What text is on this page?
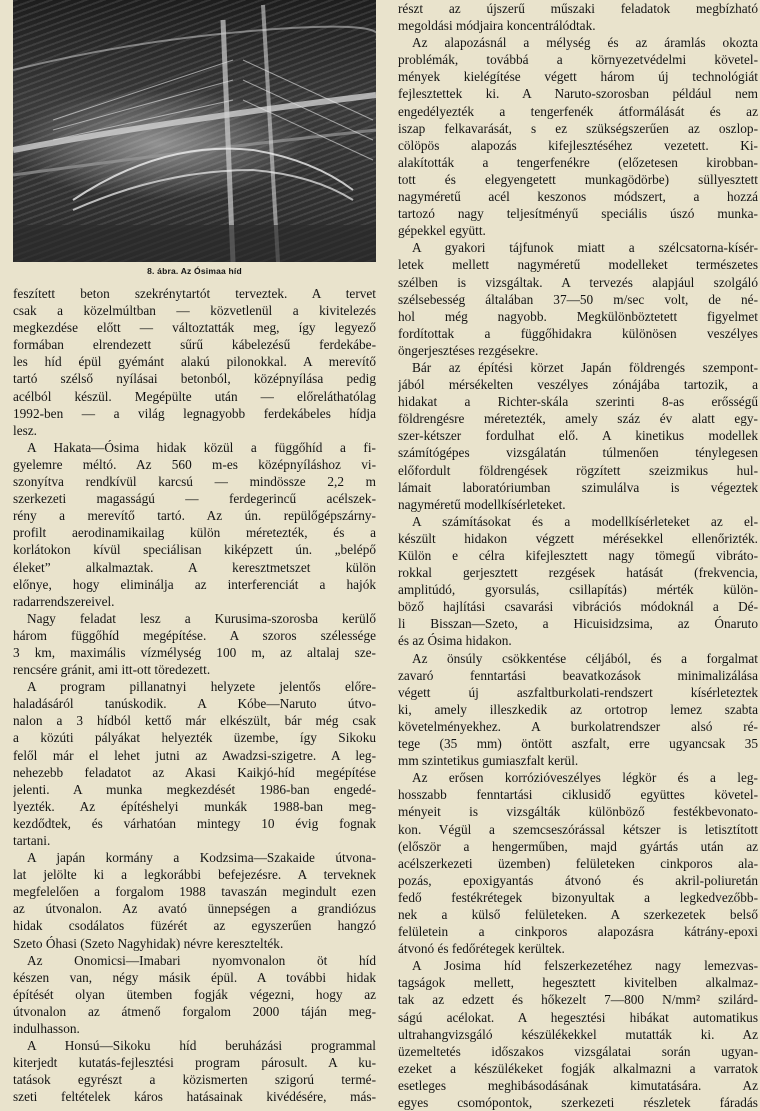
8. ábra. Az Ósimaa híd
feszített beton szekrénytartót terveztek. A tervet
csak a közelmúltban — közvetlenül a kivitelezés
megkezdése előtt — változtatták meg, így legyező
formában elrendezett sűrű kábelezésű ferdekábe-
les híd épül gyémánt alakú pilonokkal. A merevítő
tartó szélső nyílásai betonból, középnyílása pedig
acélból készül. Megépülte után — előreláthatólag
1992-ben — a világ legnagyobb ferdekábeles hídja
lesz.
A Hakata—Ósima hidak közül a függőhíd a fi-
gyelemre méltó. Az 560 m-es középnyíláshoz vi-
szonyítva rendkívül karcsú — mindössze 2,2 m
szerkezeti magasságú — ferdegerincű acélszek-
rény a merevítő tartó. Az ún. repülőgépszárny-
profilt aerodinamikailag külön méretezték, és a
korlátokon kívül speciálisan kiképzett ún. „belépő
éleket” alkalmaztak. A keresztmetszet külön
előnye, hogy eliminálja az interferenciát a hajók
radarrendszereivel.
Nagy feladat lesz a Kurusima-szorosba kerülő
három függőhíd megépítése. A szoros szélessége
3 km, maximális vízmélység 100 m, az altalaj sze-
rencsére gránit, ami itt-ott töredezett.
A program pillanatnyi helyzete jelentős előre-
haladásáról tanúskodik. A Kóbe—Naruto útvo-
nalon a 3 hídból kettő már elkészült, bár még csak
a közúti pályákat helyezték üzembe, így Sikoku
felől már el lehet jutni az Awadzsi-szigetre. A leg-
nehezebb feladatot az Akasi Kaikjó-híd megépítése
jelenti. A munka megkezdését 1986-ban engedé-
lyezték. Az építéshelyi munkák 1988-ban meg-
kezdődtek, és várhatóan mintegy 10 évig fognak
tartani.
A japán kormány a Kodzsima—Szakaide útvona-
lat jelölte ki a legkorábbi befejezésre. A terveknek
megfelelően a forgalom 1988 tavaszán megindult ezen
az útvonalon. Az avató ünnepségen a grandiózus
hidak csodálatos füzérét az egyszerűen hangzó
Szeto Óhasi (Szeto Nagyhidak) névre keresztelték.
Az Onomicsi—Imabari nyomvonalon öt híd
készen van, négy másik épül. A további hidak
építését olyan ütemben fogják végezni, hogy az
útvonalon az átmenő forgalom 2000 táján meg-
indulhasson.
A Honsú—Sikoku híd beruházási programmal
kiterjedt kutatás-fejlesztési program párosult. A ku-
tatások egyrészt a közismerten szigorú termé-
szeti feltételek káros hatásainak kivédésére, más-
részt az újszerű műszaki feladatok megbízható
megoldási módjaira koncentrálódtak.
Az alapozásnál a mélység és az áramlás okozta
problémák, továbbá a környezetvédelmi követel-
mények kielégítése végett három új technológiát
fejlesztettek ki. A Naruto-szorosban például nem
engedélyezték a tengerfenék átformálását és az
iszap felkavarását, s ez szükségszerűen az oszlop-
cölöpös alapozás kifejlesztéséhez vezetett. Ki-
alakították a tengerfenékre (előzetesen kirobban-
tott és elegyengetett munkagödörbe) süllyesztett
nagyméretű acél keszonos módszert, a hozzá
tartozó nagy teljesítményű speciális úszó munka-
gépekkel együtt.
A gyakori tájfunok miatt a szélcsatorna-kísér-
letek mellett nagyméretű modelleket természetes
szélben is vizsgáltak. A tervezés alapjául szolgáló
szélsebesség általában 37—50 m/sec volt, de né-
hol még nagyobb. Megkülönböztetett figyelmet
fordítottak a függőhidakra különösen veszélyes
öngerjesztéses rezgésekre.
Bár az építési körzet Japán földrengés szempont-
jából mérsékelten veszélyes zónájába tartozik, a
hidakat a Richter-skála szerinti 8-as erősségű
földrengésre méretezték, amely száz év alatt egy-
szer-kétszer fordulhat elő. A kinetikus modellek
számítógépes vizsgálatán túlmenően ténylegesen
előfordult földrengések rögzített szeizmikus hul-
lámait laboratóriumban szimulálva is végeztek
nagyméretű modellkísérleteket.
A számításokat és a modellkísérleteket az el-
készült hidakon végzett mérésekkel ellenőrizték.
Külön e célra kifejlesztett nagy tömegű vibráto-
rokkal gerjesztett rezgések hatását (frekvencia,
amplitúdó, gyorsulás, csillapítás) mérték külön-
böző hajlítási csavarási vibrációs módoknál a Dé-
li Bisszan—Szeto, a Hicuisidzsima, az Ónaruto
és az Ósima hidakon.
Az önsúly csökkentése céljából, és a forgalmat
zavaró fenntartási beavatkozások minimalizálása
végett új aszfaltburkolati-rendszert kísérleteztek
ki, amely illeszkedik az ortotrop lemez szabta
követelményekhez. A burkolatrendszer alsó ré-
tege (35 mm) öntött aszfalt, erre ugyancsak 35
mm szintetikus gumiaszfalt kerül.
Az erősen korrózióveszélyes légkör és a leg-
hosszabb fenntartási ciklusidő együttes követel-
ményeit is vizsgálták különböző festékbevonato-
kon. Végül a szemcseszórással kétszer is letisztított
(először a hengerműben, majd gyártás után az
acélszerkezeti üzemben) felületeken cinkporos ala-
pozás, epoxigyantás átvonó és akril-poliuretán
fedő festékrétegek bizonyultak a legkedvezőbb-
nek a külső felületeken. A szerkezetek belső
felületein a cinkporos alapozásra kátrány-epoxi
átvonó és fedőrétegek kerültek.
A Josima híd felszerkezetéhez nagy lemezvas-
tagságok mellett, hegesztett kivitelben alkalmaz-
tak az edzett és hőkezelt 7—800 N/mm² szilárd-
ságú acélokat. A hegesztési hibákat automatikus
ultrahangvizsgáló készülékekkel mutatták ki. Az
üzemeltetés időszakos vizsgálatai során ugyan-
ezeket a készülékeket fogják alkalmazni a varratok
esetleges meghibásodásának kimutatására. Az
egyes csomópontok, szerkezeti részletek fáradás
